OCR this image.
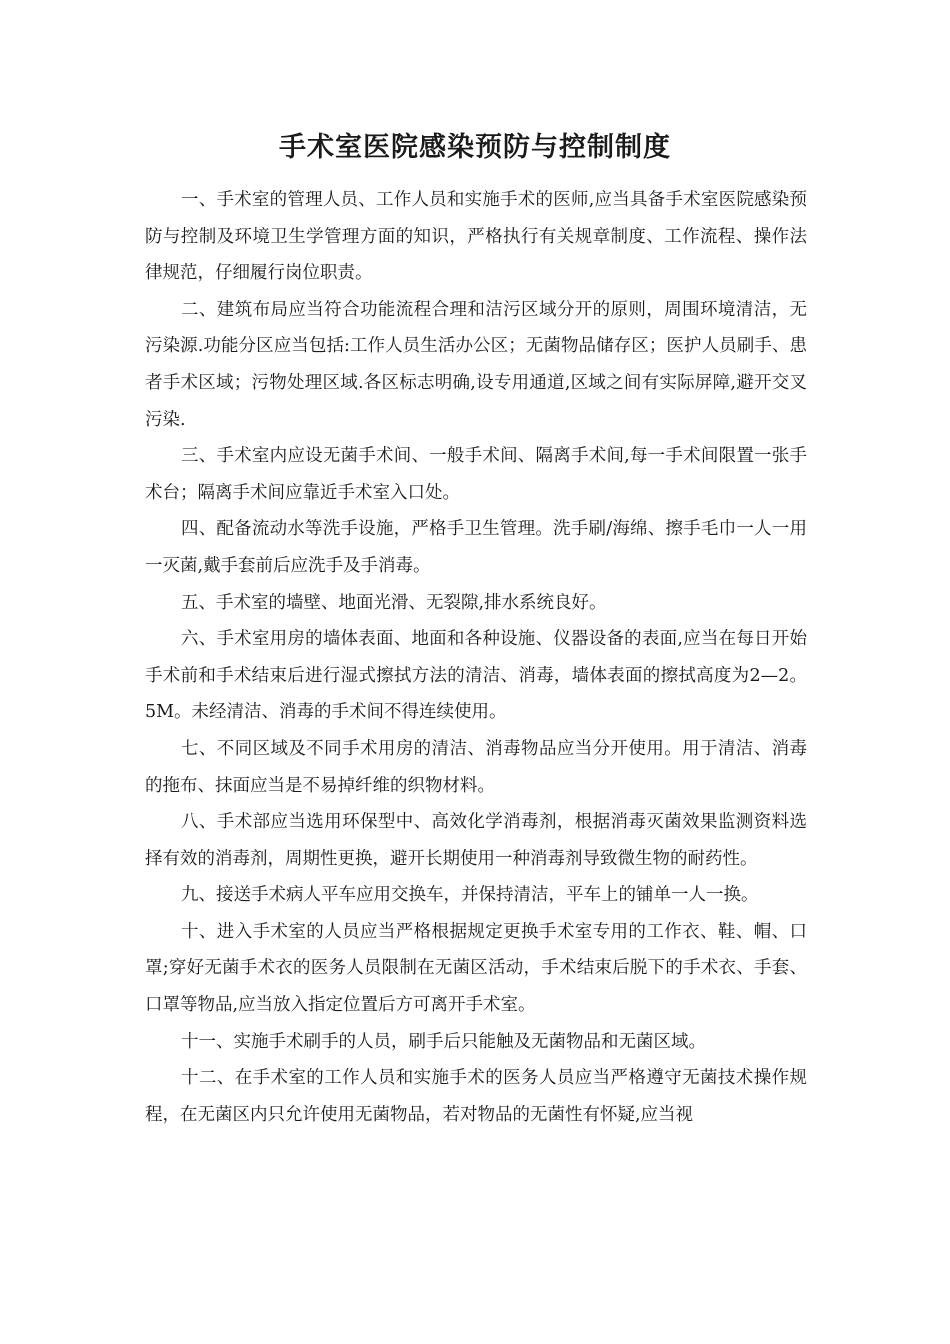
手术室医院感染预防与控制制度

一、手术室的管理人员、工作人员和实施手术的医师,应当具备手术室医院感染预防与控制及环境卫生学管理方面的知识，严格执行有关规章制度、工作流程、操作法律规范，仔细履行岗位职责。

二、建筑布局应当符合功能流程合理和洁污区域分开的原则，周围环境清洁，无污染源.功能分区应当包括:工作人员生活办公区；无菌物品储存区；医护人员刷手、患者手术区域；污物处理区域.各区标志明确,设专用通道,区域之间有实际屏障,避开交叉污染.

三、手术室内应设无菌手术间、一般手术间、隔离手术间,每一手术间限置一张手术台；隔离手术间应靠近手术室入口处。

四、配备流动水等洗手设施，严格手卫生管理。洗手刷/海绵、擦手毛巾一人一用一灭菌,戴手套前后应洗手及手消毒。

五、手术室的墙壁、地面光滑、无裂隙,排水系统良好。

六、手术室用房的墙体表面、地面和各种设施、仪器设备的表面,应当在每日开始手术前和手术结束后进行湿式擦拭方法的清洁、消毒，墙体表面的擦拭高度为2—2。5M。未经清洁、消毒的手术间不得连续使用。

七、不同区域及不同手术用房的清洁、消毒物品应当分开使用。用于清洁、消毒的拖布、抹面应当是不易掉纤维的织物材料。

八、手术部应当选用环保型中、高效化学消毒剂，根据消毒灭菌效果监测资料选择有效的消毒剂，周期性更换，避开长期使用一种消毒剂导致微生物的耐药性。

九、接送手术病人平车应用交换车，并保持清洁，平车上的铺单一人一换。

十、进入手术室的人员应当严格根据规定更换手术室专用的工作衣、鞋、帽、口罩;穿好无菌手术衣的医务人员限制在无菌区活动，手术结束后脱下的手术衣、手套、口罩等物品,应当放入指定位置后方可离开手术室。

十一、实施手术刷手的人员，刷手后只能触及无菌物品和无菌区域。

十二、在手术室的工作人员和实施手术的医务人员应当严格遵守无菌技术操作规程，在无菌区内只允许使用无菌物品，若对物品的无菌性有怀疑,应当视
